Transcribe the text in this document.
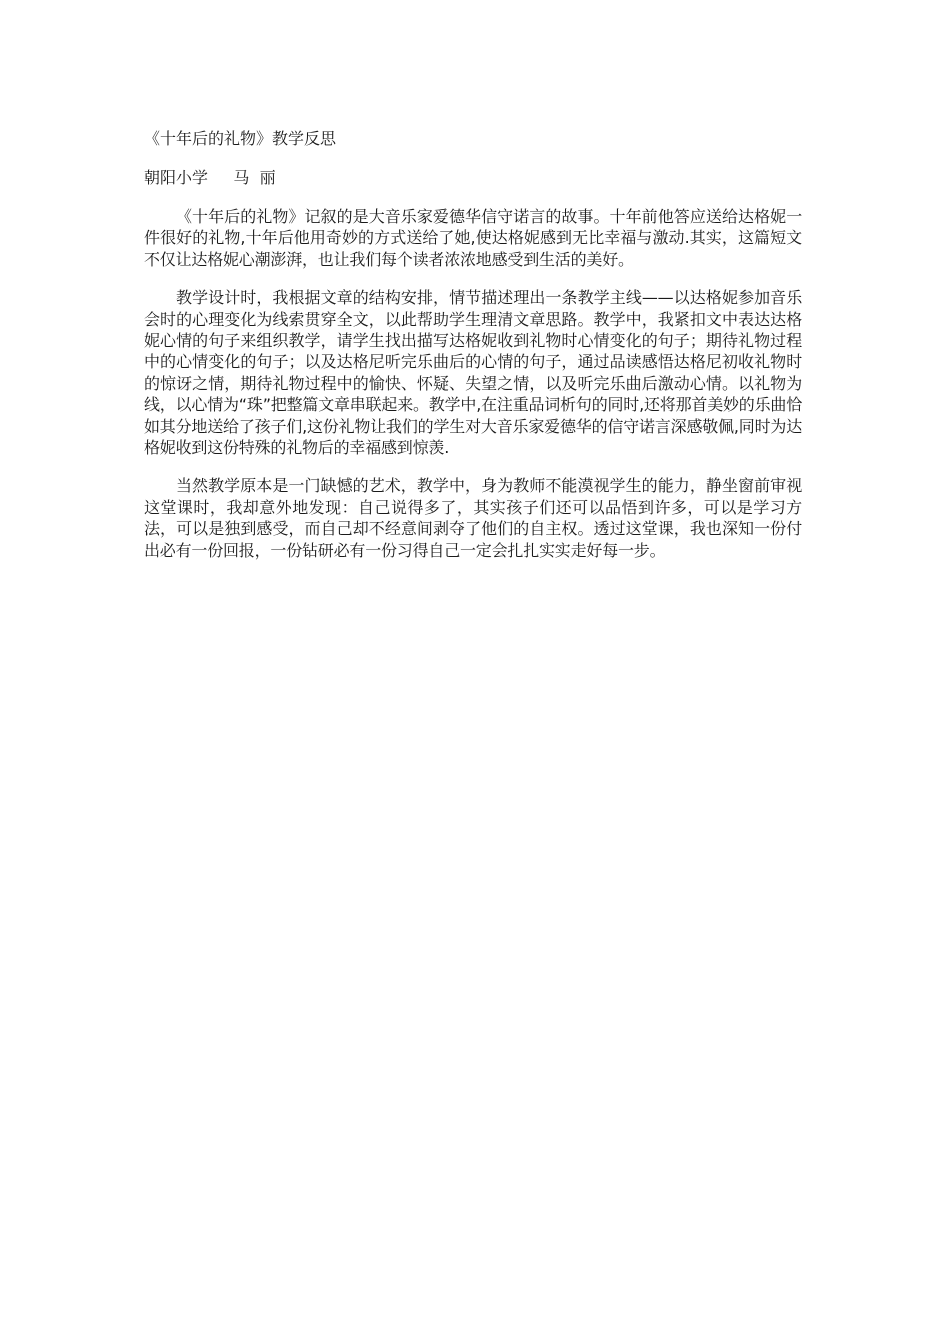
《十年后的礼物》教学反思
朝阳小学     马  丽

《十年后的礼物》记叙的是大音乐家爱德华信守诺言的故事。十年前他答应送给达格妮一件很好的礼物,十年后他用奇妙的方式送给了她,使达格妮感到无比幸福与激动.其实，这篇短文不仅让达格妮心潮澎湃，也让我们每个读者浓浓地感受到生活的美好。

教学设计时，我根据文章的结构安排，情节描述理出一条教学主线——以达格妮参加音乐会时的心理变化为线索贯穿全文，以此帮助学生理清文章思路。教学中，我紧扣文中表达达格妮心情的句子来组织教学，请学生找出描写达格妮收到礼物时心情变化的句子；期待礼物过程中的心情变化的句子；以及达格尼听完乐曲后的心情的句子，通过品读感悟达格尼初收礼物时的惊讶之情，期待礼物过程中的愉快、怀疑、失望之情，以及听完乐曲后激动心情。以礼物为线，以心情为“珠”把整篇文章串联起来。教学中,在注重品词析句的同时,还将那首美妙的乐曲恰如其分地送给了孩子们,这份礼物让我们的学生对大音乐家爱德华的信守诺言深感敬佩,同时为达格妮收到这份特殊的礼物后的幸福感到惊羡.

当然教学原本是一门缺憾的艺术，教学中，身为教师不能漠视学生的能力，静坐窗前审视这堂课时，我却意外地发现：自己说得多了，其实孩子们还可以品悟到许多，可以是学习方法，可以是独到感受，而自己却不经意间剥夺了他们的自主权。透过这堂课，我也深知一份付出必有一份回报，一份钻研必有一份习得自己一定会扎扎实实走好每一步。
